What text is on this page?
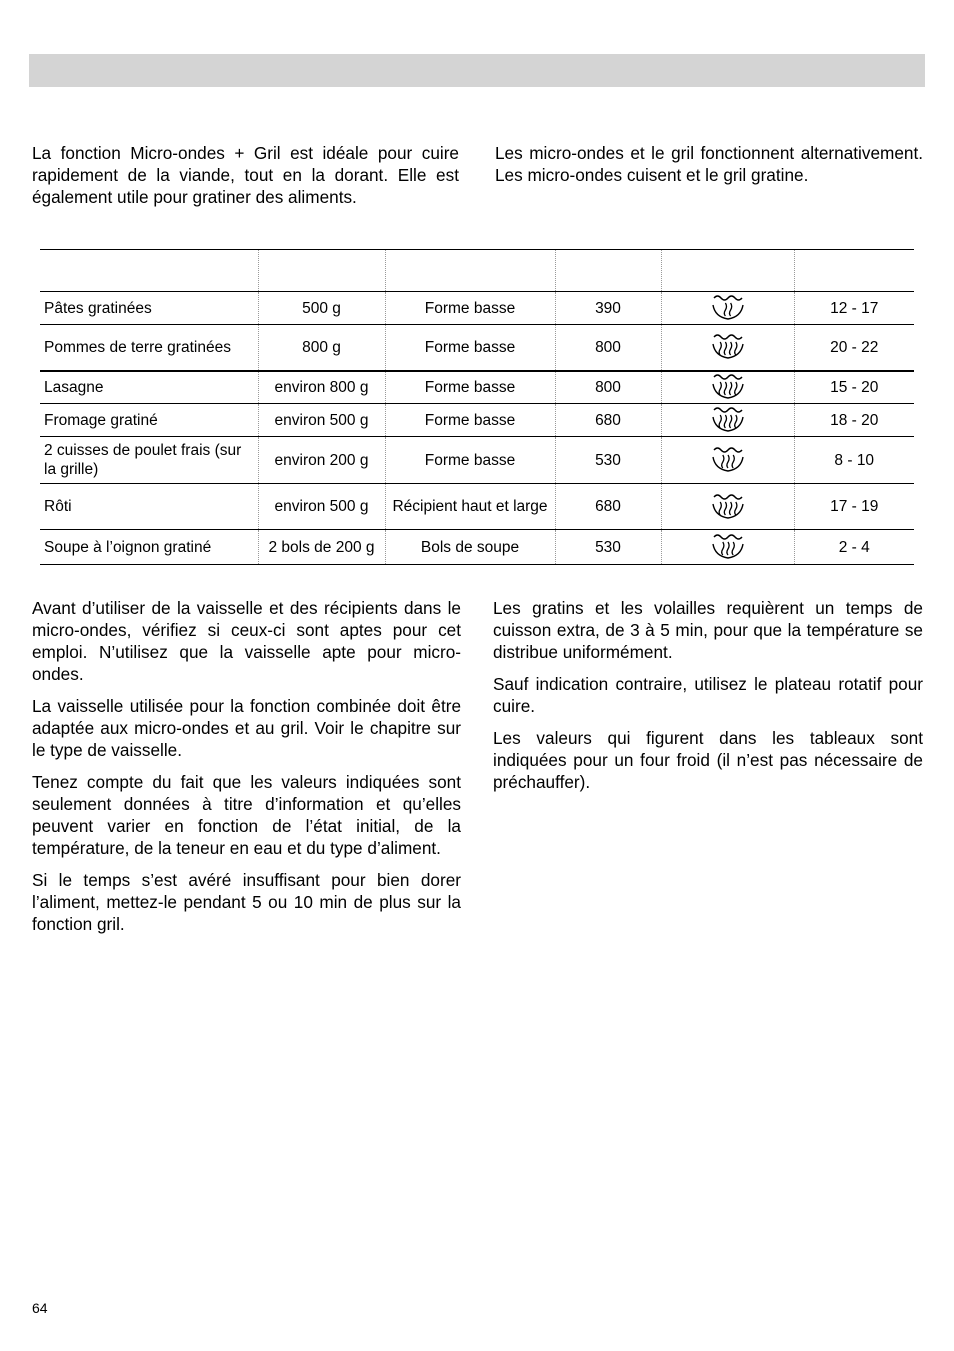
La fonction Micro-ondes + Gril est idéale pour cuire rapidement de la viande, tout en la dorant. Elle est également utile pour gratiner des aliments.

Les micro-ondes et le gril fonctionnent alternativement. Les micro-ondes cuisent et le gril gratine.

Pâtes gratinées	500 g	Forme basse	390		12 - 17
Pommes de terre gratinées	800 g	Forme basse	800		20 - 22
Lasagne	environ 800 g	Forme basse	800		15 - 20
Fromage gratiné	environ 500 g	Forme basse	680		18 - 20
2 cuisses de poulet frais (sur la grille)	environ 200 g	Forme basse	530		8 - 10
Rôti	environ 500 g	Récipient haut et large	680		17 - 19
Soupe à l’oignon gratiné	2 bols de 200 g	Bols de soupe	530		2 - 4

Avant d’utiliser de la vaisselle et des récipients dans le micro-ondes, vérifiez si ceux-ci sont aptes pour cet emploi. N’utilisez que la vaisselle apte pour micro-ondes.

La vaisselle utilisée pour la fonction combinée doit être adaptée aux micro-ondes et au gril. Voir le chapitre sur le type de vaisselle.

Tenez compte du fait que les valeurs indiquées sont seulement données à titre d’information et qu’elles peuvent varier en fonction de l’état initial, de la température, de la teneur en eau et du type d’aliment.

Si le temps s’est avéré insuffisant pour bien dorer l’aliment, mettez-le pendant 5 ou 10 min de plus sur la fonction gril.

Les gratins et les volailles requièrent un temps de cuisson extra, de 3 à 5 min, pour que la température se distribue uniformément.

Sauf indication contraire, utilisez le plateau rotatif pour cuire.

Les valeurs qui figurent dans les tableaux sont indiquées pour un four froid (il n’est pas nécessaire de préchauffer).

64
